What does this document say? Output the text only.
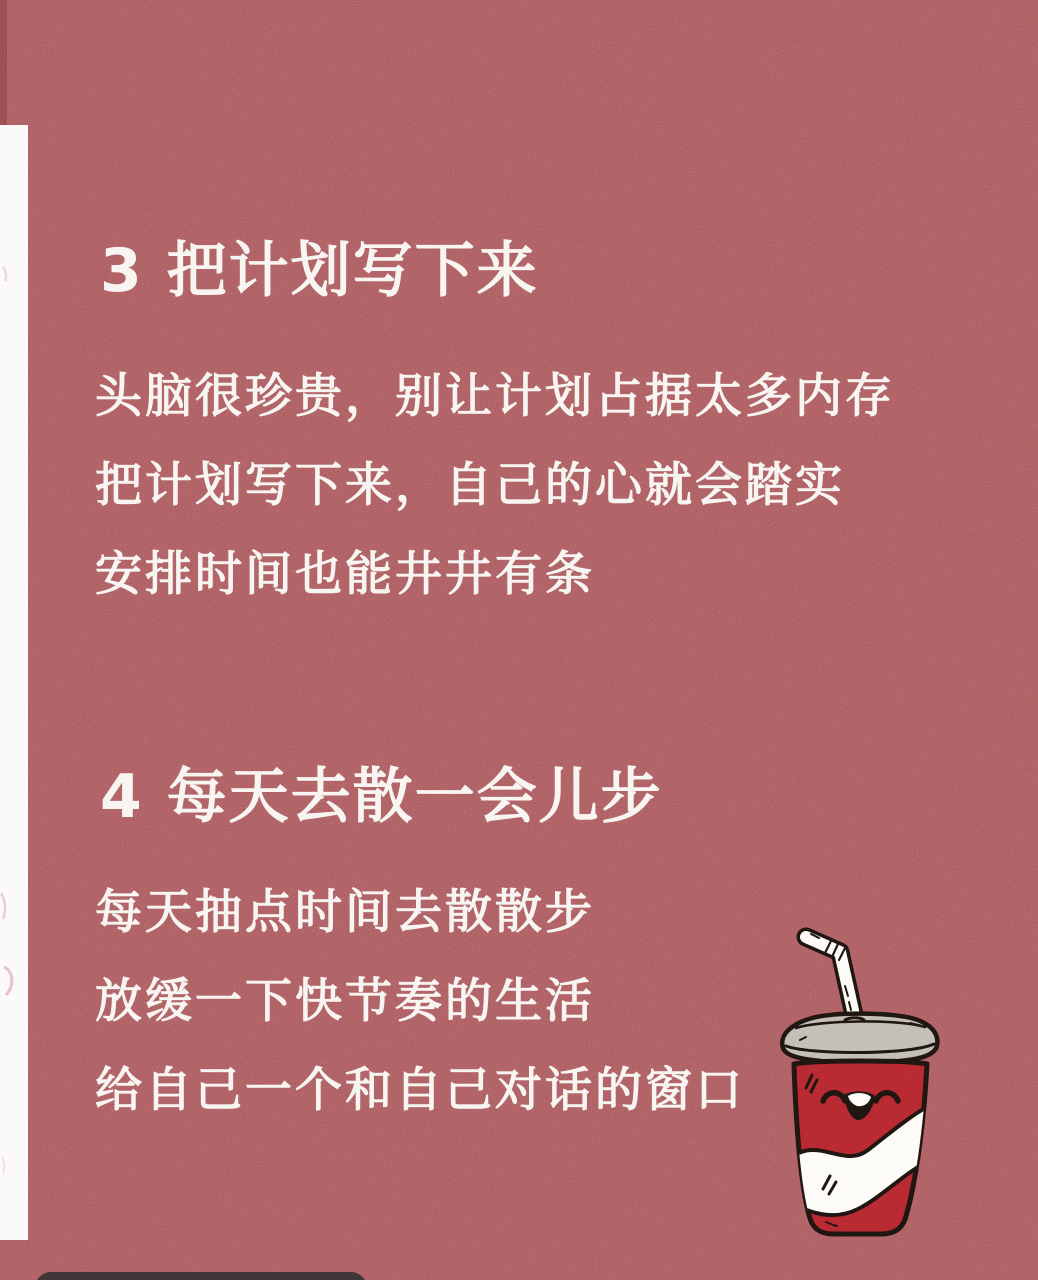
3 把计划写下来
头脑很珍贵，别让计划占据太多内存
把计划写下来，自己的心就会踏实
安排时间也能井井有条
4 每天去散一会儿步
每天抽点时间去散散步
放缓一下快节奏的生活
给自己一个和自己对话的窗口
